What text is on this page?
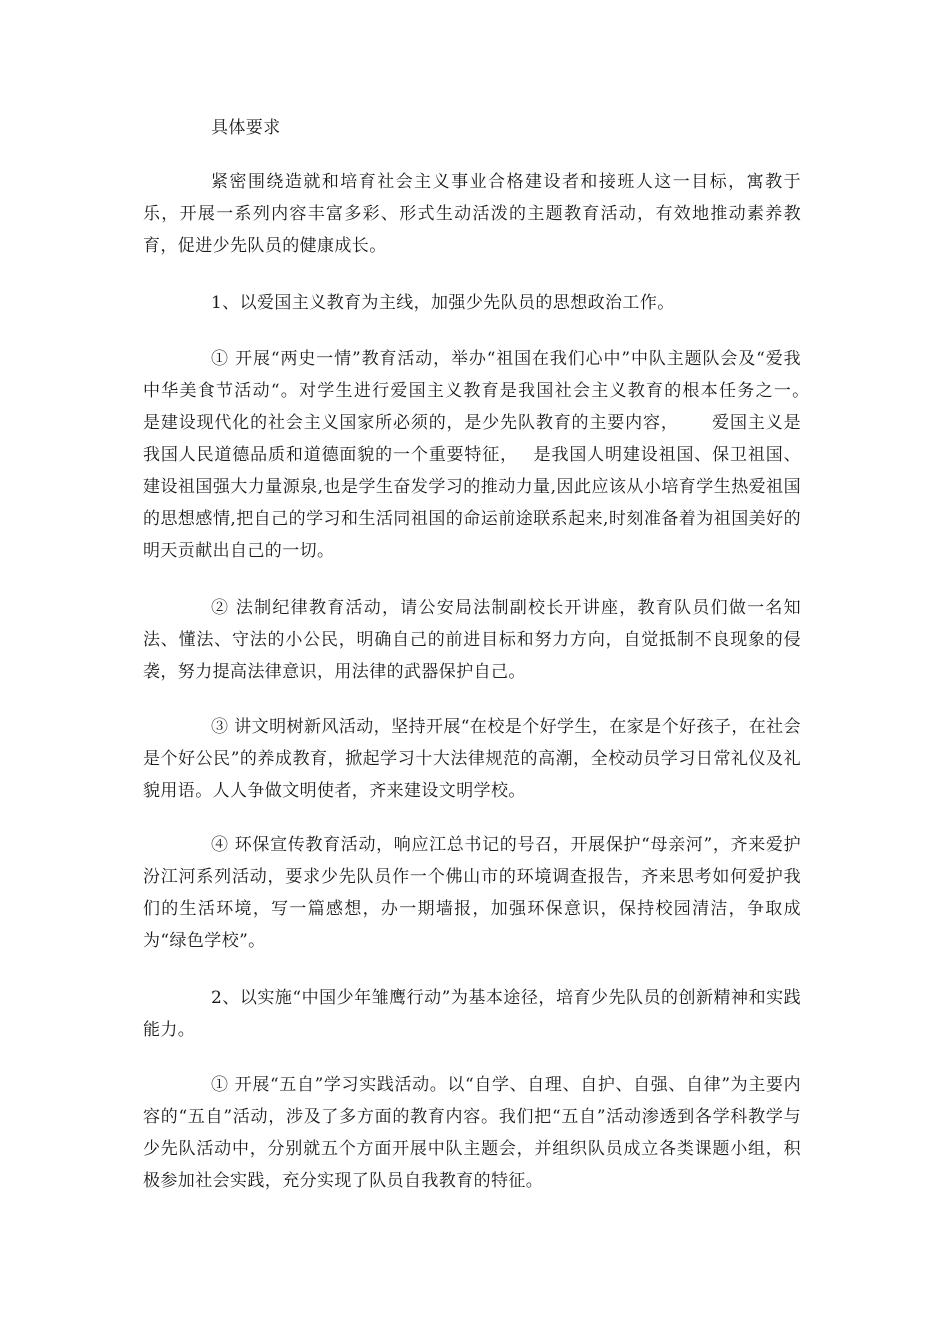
具体要求

紧密围绕造就和培育社会主义事业合格建设者和接班人这一目标，寓教于乐，开展一系列内容丰富多彩、形式生动活泼的主题教育活动，有效地推动素养教育，促进少先队员的健康成长。

1、以爱国主义教育为主线，加强少先队员的思想政治工作。

① 开展“两史一情”教育活动，举办“祖国在我们心中”中队主题队会及“爱我中华美食节活动“。对学生进行爱国主义教育是我国社会主义教育的根本任务之一。　 是建设现代化的社会主义国家所必须的，是少先队教育的主要内容，　　 爱国主义是我国人民道德品质和道德面貌的一个重要特征，　 是我国人明建设祖国、保卫祖国、建设祖国强大力量源泉,也是学生奋发学习的推动力量,因此应该从小培育学生热爱祖国的思想感情,把自己的学习和生活同祖国的命运前途联系起来,时刻准备着为祖国美好的明天贡献出自己的一切。

② 法制纪律教育活动，请公安局法制副校长开讲座，教育队员们做一名知法、懂法、守法的小公民，明确自己的前进目标和努力方向，自觉抵制不良现象的侵袭，努力提高法律意识，用法律的武器保护自己。

③ 讲文明树新风活动，坚持开展“在校是个好学生，在家是个好孩子，在社会是个好公民”的养成教育，掀起学习十大法律规范的高潮，全校动员学习日常礼仪及礼貌用语。人人争做文明使者，齐来建设文明学校。

④ 环保宣传教育活动，响应江总书记的号召，开展保护“母亲河”，齐来爱护汾江河系列活动，要求少先队员作一个佛山市的环境调查报告，齐来思考如何爱护我们的生活环境，写一篇感想，办一期墙报，加强环保意识，保持校园清洁，争取成为“绿色学校”。

2、以实施“中国少年雏鹰行动”为基本途径，培育少先队员的创新精神和实践能力。

① 开展“五自”学习实践活动。以“自学、自理、自护、自强、自律”为主要内容的“五自”活动，涉及了多方面的教育内容。我们把“五自”活动渗透到各学科教学与少先队活动中，分别就五个方面开展中队主题会，并组织队员成立各类课题小组，积极参加社会实践，充分实现了队员自我教育的特征。
